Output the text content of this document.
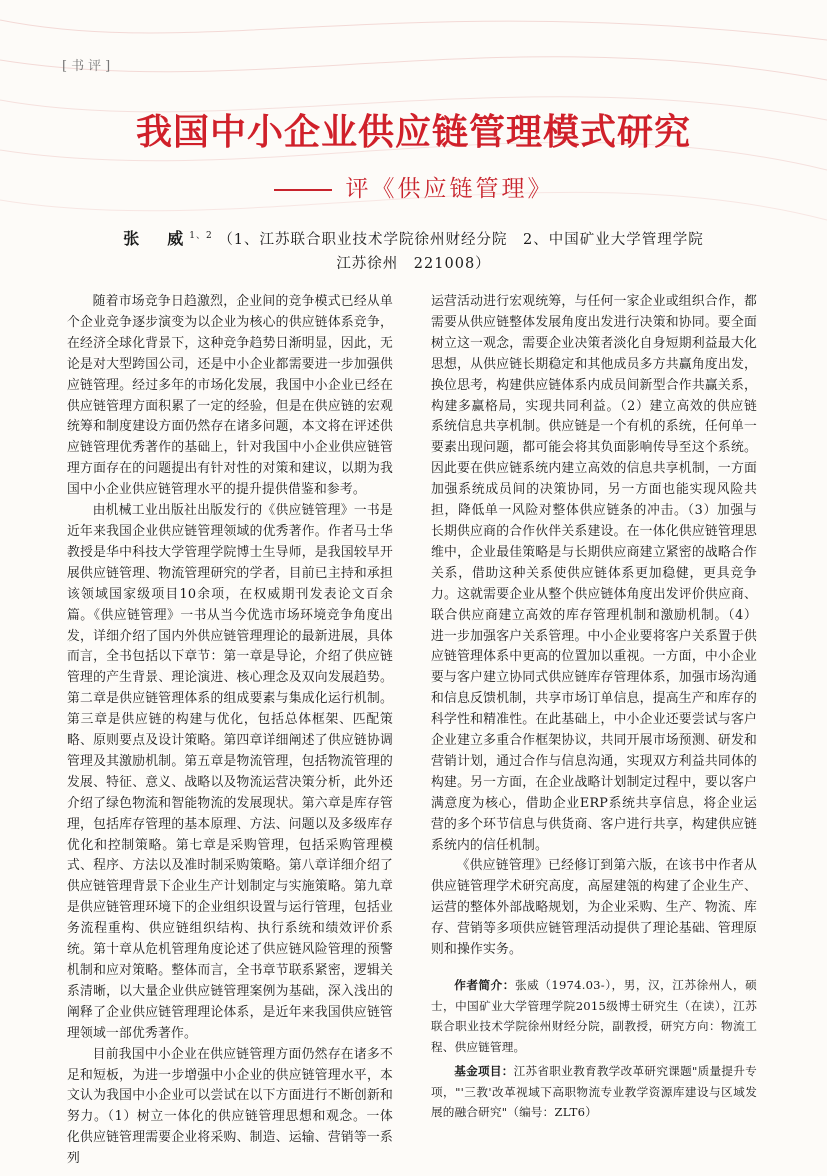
[书评]
我国中小企业供应链管理模式研究
评《供应链管理》
张　威$^{1、2}$ （1、江苏联合职业技术学院徐州财经分院　2、中国矿业大学管理学院
江苏徐州　221008）

随着市场竞争日趋激烈，企业间的竞争模式已经从单个企业竞争逐步演变为以企业为核心的供应链体系竞争，在经济全球化背景下，这种竞争趋势日渐明显，因此，无论是对大型跨国公司，还是中小企业都需要进一步加强供应链管理。经过多年的市场化发展，我国中小企业已经在供应链管理方面积累了一定的经验，但是在供应链的宏观统筹和制度建设方面仍然存在诸多问题，本文将在评述供应链管理优秀著作的基础上，针对我国中小企业供应链管理方面存在的问题提出有针对性的对策和建议，以期为我国中小企业供应链管理水平的提升提供借鉴和参考。

由机械工业出版社出版发行的《供应链管理》一书是近年来我国企业供应链管理领域的优秀著作。作者马士华教授是华中科技大学管理学院博士生导师，是我国较早开展供应链管理、物流管理研究的学者，目前已主持和承担该领域国家级项目10余项，在权威期刊发表论文百余篇。《供应链管理》一书从当今优选市场环境竞争角度出发，详细介绍了国内外供应链管理理论的最新进展，具体而言，全书包括以下章节：第一章是导论，介绍了供应链管理的产生背景、理论演进、核心理念及双向发展趋势。第二章是供应链管理体系的组成要素与集成化运行机制。第三章是供应链的构建与优化，包括总体框架、匹配策略、原则要点及设计策略。第四章详细阐述了供应链协调管理及其激励机制。第五章是物流管理，包括物流管理的发展、特征、意义、战略以及物流运营决策分析，此外还介绍了绿色物流和智能物流的发展现状。第六章是库存管理，包括库存管理的基本原理、方法、问题以及多级库存优化和控制策略。第七章是采购管理，包括采购管理模式、程序、方法以及准时制采购策略。第八章详细介绍了供应链管理背景下企业生产计划制定与实施策略。第九章是供应链管理环境下的企业组织设置与运行管理，包括业务流程重构、供应链组织结构、执行系统和绩效评价系统。第十章从危机管理角度论述了供应链风险管理的预警机制和应对策略。整体而言，全书章节联系紧密，逻辑关系清晰，以大量企业供应链管理案例为基础，深入浅出的阐释了企业供应链管理理论体系，是近年来我国供应链管理领域一部优秀著作。

目前我国中小企业在供应链管理方面仍然存在诸多不足和短板，为进一步增强中小企业的供应链管理水平，本文认为我国中小企业可以尝试在以下方面进行不断创新和努力。（1）树立一体化的供应链管理思想和观念。一体化供应链管理需要企业将采购、制造、运输、营销等一系列

运营活动进行宏观统筹，与任何一家企业或组织合作，都需要从供应链整体发展角度出发进行决策和协同。要全面树立这一观念，需要企业决策者淡化自身短期利益最大化思想，从供应链长期稳定和其他成员多方共赢角度出发，换位思考，构建供应链体系内成员间新型合作共赢关系，构建多赢格局，实现共同利益。（2）建立高效的供应链系统信息共享机制。供应链是一个有机的系统，任何单一要素出现问题，都可能会将其负面影响传导至这个系统。因此要在供应链系统内建立高效的信息共享机制，一方面加强系统成员间的决策协同，另一方面也能实现风险共担，降低单一风险对整体供应链条的冲击。（3）加强与长期供应商的合作伙伴关系建设。在一体化供应链管理思维中，企业最佳策略是与长期供应商建立紧密的战略合作关系，借助这种关系使供应链体系更加稳健，更具竞争力。这就需要企业从整个供应链体角度出发评价供应商、联合供应商建立高效的库存管理机制和激励机制。（4）进一步加强客户关系管理。中小企业要将客户关系置于供应链管理体系中更高的位置加以重视。一方面，中小企业要与客户建立协同式供应链库存管理体系，加强市场沟通和信息反馈机制，共享市场订单信息，提高生产和库存的科学性和精准性。在此基础上，中小企业还要尝试与客户企业建立多重合作框架协议，共同开展市场预测、研发和营销计划，通过合作与信息沟通，实现双方利益共同体的构建。另一方面，在企业战略计划制定过程中，要以客户满意度为核心，借助企业ERP系统共享信息，将企业运营的多个环节信息与供货商、客户进行共享，构建供应链系统内的信任机制。

《供应链管理》已经修订到第六版，在该书中作者从供应链管理学术研究高度，高屋建瓴的构建了企业生产、运营的整体外部战略规划，为企业采购、生产、物流、库存、营销等多项供应链管理活动提供了理论基础、管理原则和操作实务。

作者简介：张威（1974.03-），男，汉，江苏徐州人，硕士，中国矿业大学管理学院2015级博士研究生（在读），江苏联合职业技术学院徐州财经分院，副教授，研究方向：物流工程、供应链管理。

基金项目：江苏省职业教育教学改革研究课题"质量提升专项，"'三教'改革视域下高职物流专业教学资源库建设与区域发展的融合研究"（编号：ZLT6）
